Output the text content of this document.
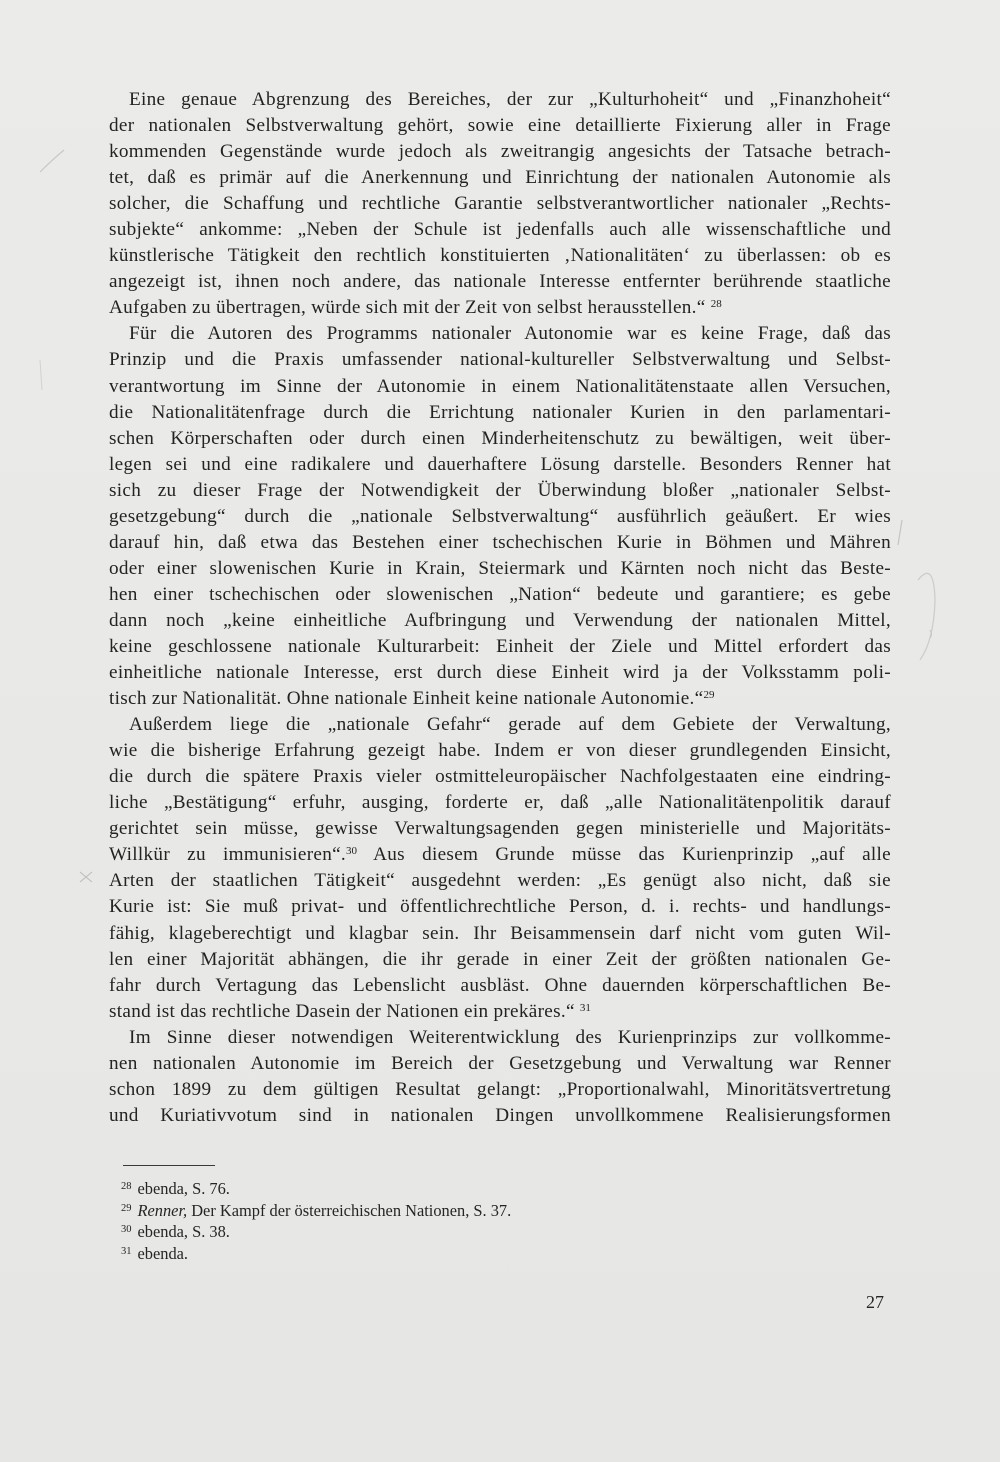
Eine genaue Abgrenzung des Bereiches, der zur „Kulturhoheit“ und „Finanzhoheit“
der nationalen Selbstverwaltung gehört, sowie eine detaillierte Fixierung aller in Frage
kommenden Gegenstände wurde jedoch als zweitrangig angesichts der Tatsache betrach-
tet, daß es primär auf die Anerkennung und Einrichtung der nationalen Autonomie als
solcher, die Schaffung und rechtliche Garantie selbstverantwortlicher nationaler „Rechts-
subjekte“ ankomme: „Neben der Schule ist jedenfalls auch alle wissenschaftliche und
künstlerische Tätigkeit den rechtlich konstituierten ‚Nationalitäten‘ zu überlassen: ob es
angezeigt ist, ihnen noch andere, das nationale Interesse entfernter berührende staatliche
Aufgaben zu übertragen, würde sich mit der Zeit von selbst herausstellen.“ $^{28}$
Für die Autoren des Programms nationaler Autonomie war es keine Frage, daß das
Prinzip und die Praxis umfassender national-kultureller Selbstverwaltung und Selbst-
verantwortung im Sinne der Autonomie in einem Nationalitätenstaate allen Versuchen,
die Nationalitätenfrage durch die Errichtung nationaler Kurien in den parlamentari-
schen Körperschaften oder durch einen Minderheitenschutz zu bewältigen, weit über-
legen sei und eine radikalere und dauerhaftere Lösung darstelle. Besonders Renner hat
sich zu dieser Frage der Notwendigkeit der Überwindung bloßer „nationaler Selbst-
gesetzgebung“ durch die „nationale Selbstverwaltung“ ausführlich geäußert. Er wies
darauf hin, daß etwa das Bestehen einer tschechischen Kurie in Böhmen und Mähren
oder einer slowenischen Kurie in Krain, Steiermark und Kärnten noch nicht das Beste-
hen einer tschechischen oder slowenischen „Nation“ bedeute und garantiere; es gebe
dann noch „keine einheitliche Aufbringung und Verwendung der nationalen Mittel,
keine geschlossene nationale Kulturarbeit: Einheit der Ziele und Mittel erfordert das
einheitliche nationale Interesse, erst durch diese Einheit wird ja der Volksstamm poli-
tisch zur Nationalität. Ohne nationale Einheit keine nationale Autonomie.“$^{29}$
Außerdem liege die „nationale Gefahr“ gerade auf dem Gebiete der Verwaltung,
wie die bisherige Erfahrung gezeigt habe. Indem er von dieser grundlegenden Einsicht,
die durch die spätere Praxis vieler ostmitteleuropäischer Nachfolgestaaten eine eindring-
liche „Bestätigung“ erfuhr, ausging, forderte er, daß „alle Nationalitätenpolitik darauf
gerichtet sein müsse, gewisse Verwaltungsagenden gegen ministerielle und Majoritäts-
Willkür zu immunisieren“.$^{30}$ Aus diesem Grunde müsse das Kurienprinzip „auf alle
Arten der staatlichen Tätigkeit“ ausgedehnt werden: „Es genügt also nicht, daß sie
Kurie ist: Sie muß privat- und öffentlichrechtliche Person, d. i. rechts- und handlungs-
fähig, klageberechtigt und klagbar sein. Ihr Beisammensein darf nicht vom guten Wil-
len einer Majorität abhängen, die ihr gerade in einer Zeit der größten nationalen Ge-
fahr durch Vertagung das Lebenslicht ausbläst. Ohne dauernden körperschaftlichen Be-
stand ist das rechtliche Dasein der Nationen ein prekäres.“ $^{31}$
Im Sinne dieser notwendigen Weiterentwicklung des Kurienprinzips zur vollkomme-
nen nationalen Autonomie im Bereich der Gesetzgebung und Verwaltung war Renner
schon 1899 zu dem gültigen Resultat gelangt: „Proportionalwahl, Minoritätsvertretung
und Kuriativvotum sind in nationalen Dingen unvollkommene Realisierungsformen
$^{28}$ ebenda, S. 76.
$^{29}$ Renner, Der Kampf der österreichischen Nationen, S. 37.
$^{30}$ ebenda, S. 38.
$^{31}$ ebenda.
27
